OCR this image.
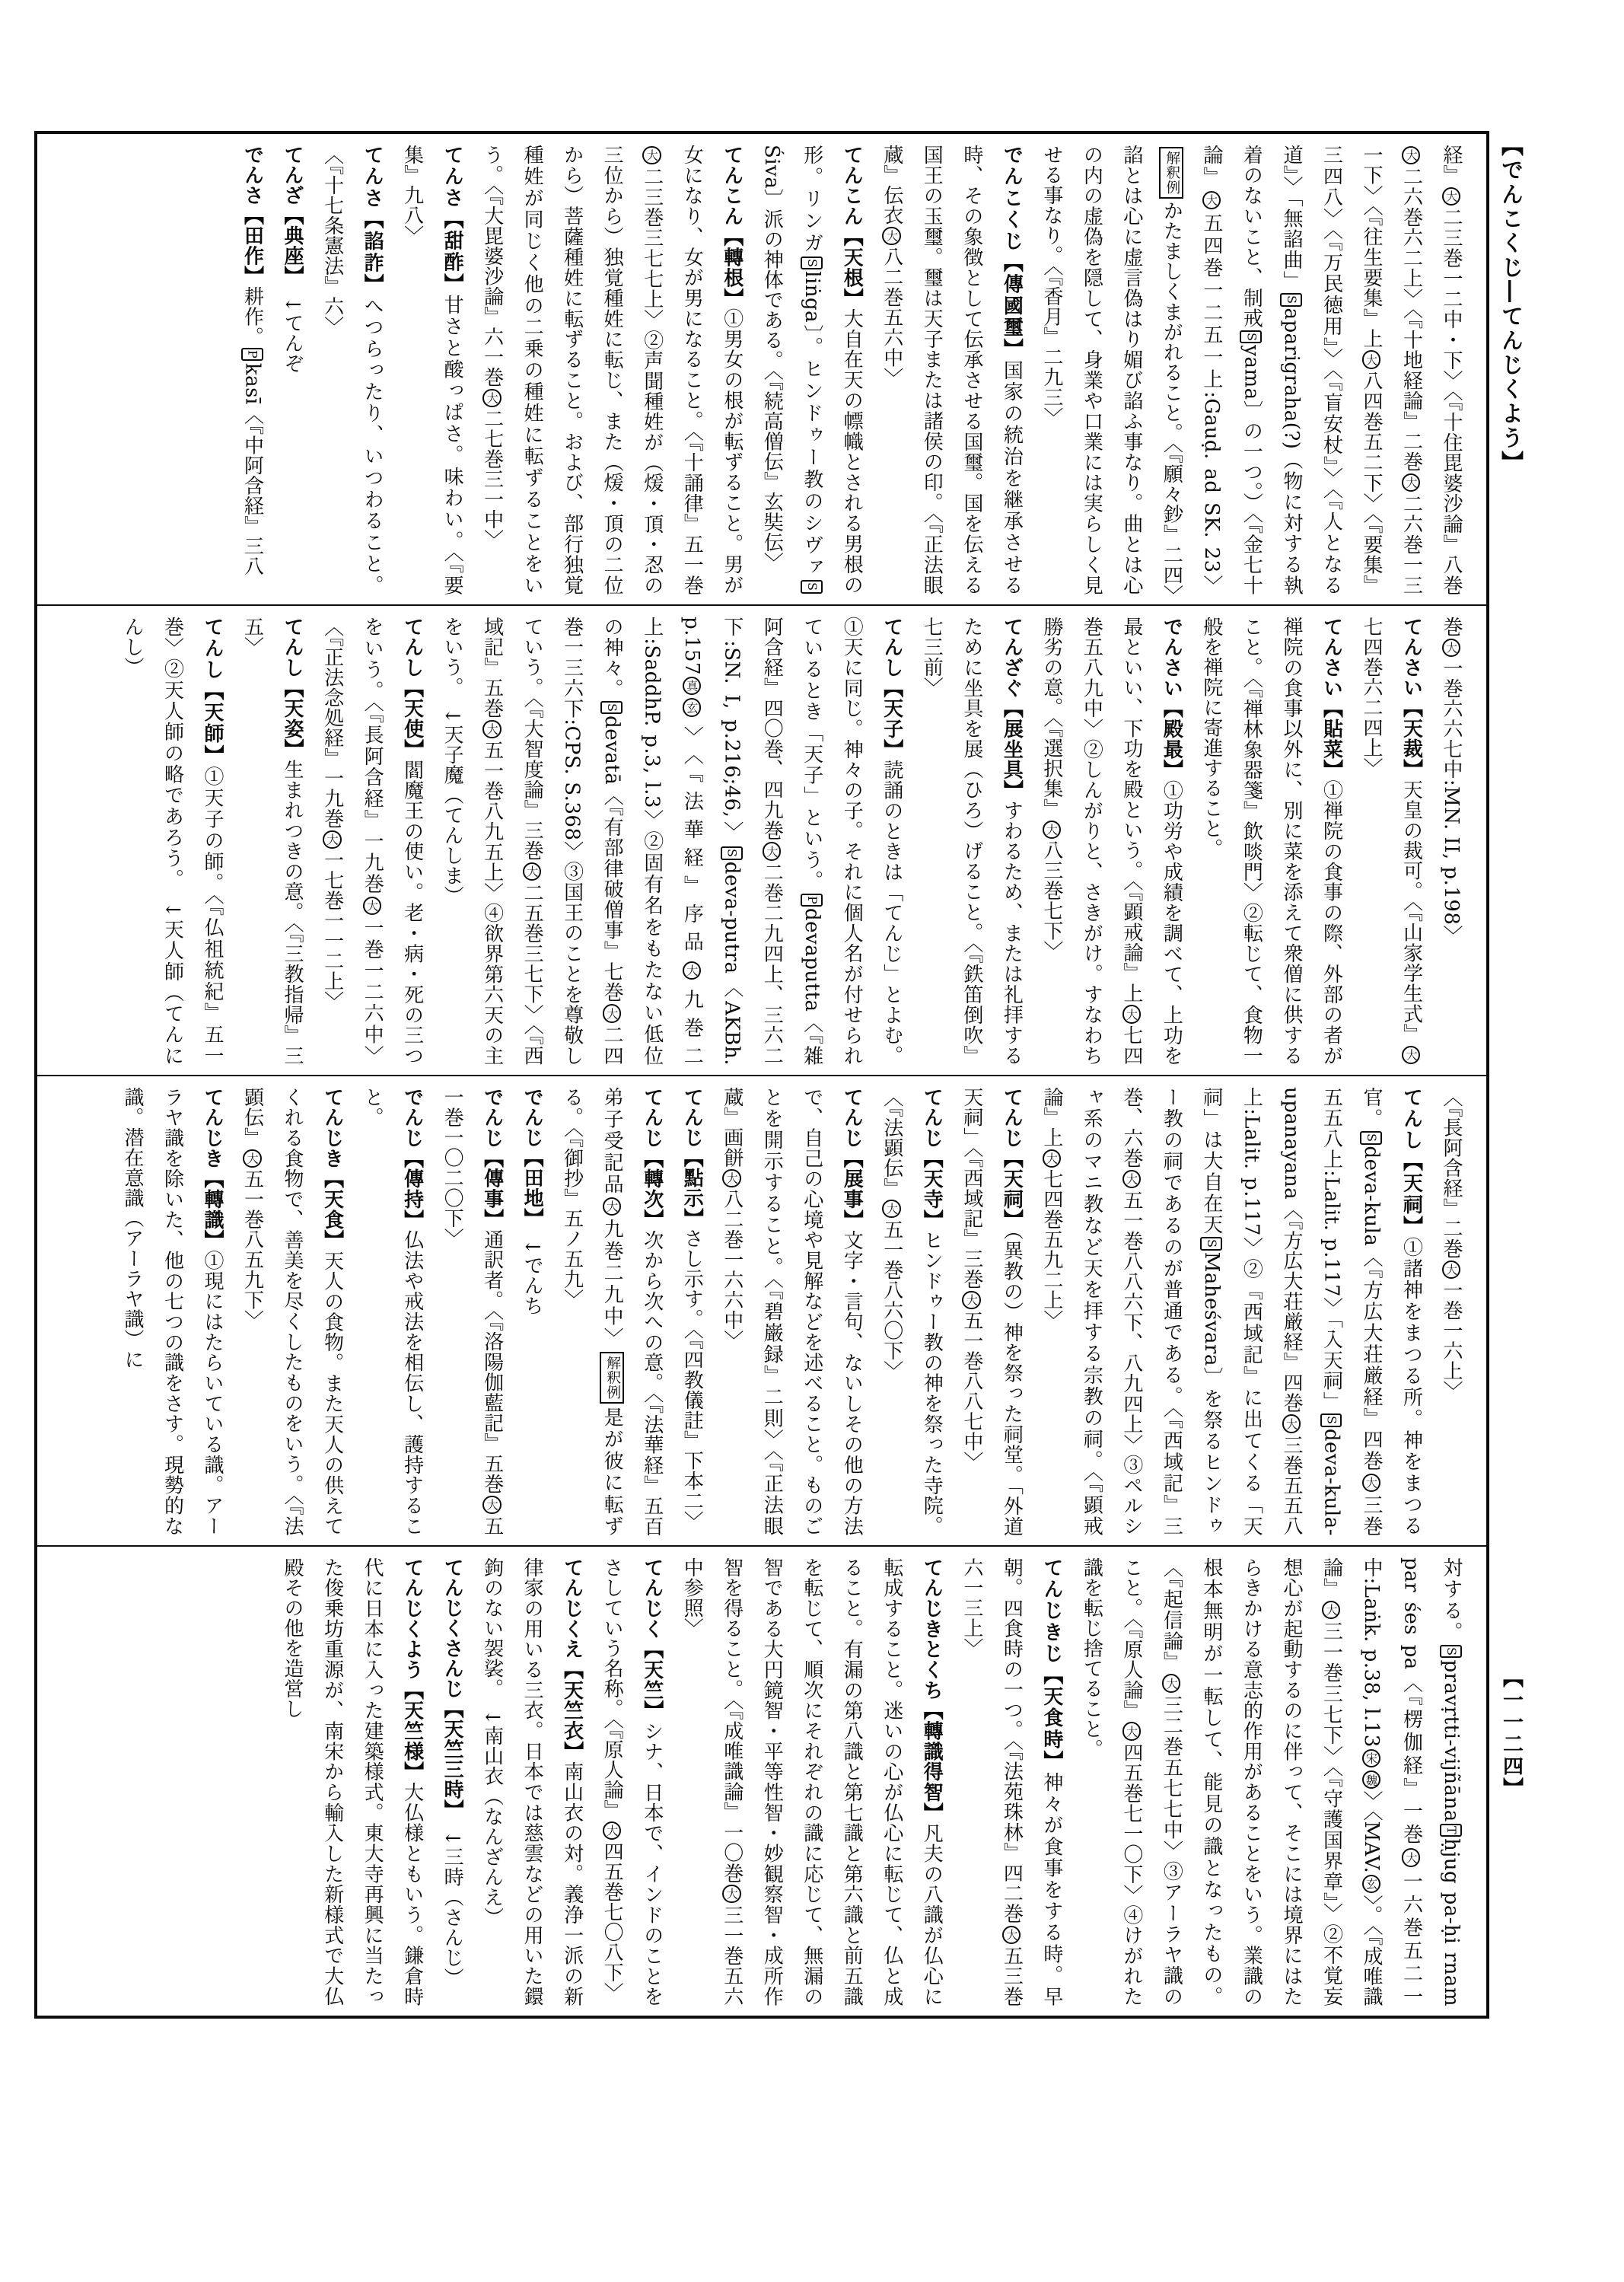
【でんこくじ―てんじくよう】
【一一二四】

経』大二三巻一二中・下〉〈『十住毘婆沙論』八巻大二六巻六二上〉〈『十地経論』二巻大二六巻一三一下〉〈『往生要集』上大八四巻五二下〉〈『要集』三四八〉〈『万民徳用』〉〈『盲安杖』〉〈『人となる道』〉「無諂曲」Saparigraha(?)（物に対する執着のないこと、制戒Syama〕の一つ。）〈『金七十論』大五四巻一二五一上:Gauḍ. ad SK. 23〉解釈例かたましくまがれること。〈『願々鈔』二四〉諂とは心に虚言偽はり媚び諂ふ事なり。曲とは心の内の虚偽を隠して、身業や口業には実らしく見せる事なり。〈『香月』二九三〉

でんこくじ【傳國璽】国家の統治を継承させる時、その象徴として伝承させる国璽。国を伝える国王の玉璽。璽は天子または諸侯の印。〈『正法眼蔵』伝衣大八二巻五六中〉

てんこん【天根】大自在天の幖幟とされる男根の形。リンガSliṅga〕。ヒンドゥー教のシヴァSŚiva〕派の神体である。〈『続高僧伝』玄奘伝〉

てんこん【轉根】①男女の根が転ずること。男が女になり、女が男になること。〈『十誦律』五一巻大二三巻三七七上〉②声聞種姓が（煖・頂・忍の三位から）独覚種姓に転じ、また（煖・頂の二位から）菩薩種姓に転ずること。および、部行独覚種姓が同じく他の二乗の種姓に転ずることをいう。〈『大毘婆沙論』六一巻大二七巻三一中〉

てんさ【甜酢】甘さと酸っぱさ。味わい。〈『要集』九八〉

てんさ【諂詐】へつらったり、いつわること。〈『十七条憲法』六〉

てんざ【典座】　↓てんぞ

でんさ【田作】耕作。Pkasī〈『中阿含経』三八

巻大一巻六六七中:MN. II, p.198〉

てんさい【天裁】天皇の裁可。〈『山家学生式』大七四巻六二四上〉

てんさい【貼菜】①禅院の食事の際、外部の者が禅院の食事以外に、別に菜を添えて衆僧に供すること。〈『禅林象器箋』飲啖門〉②転じて、食物一般を禅院に寄進すること。

でんさい【殿最】①功労や成績を調べて、上功を最といい、下功を殿という。〈『顕戒論』上大七四巻五八九中〉②しんがりと、さきがけ。すなわち勝劣の意。〈『選択集』大八三巻七下〉

てんざぐ【展坐具】すわるため、または礼拝するために坐具を展（ひろ）げること。〈『鉄笛倒吹』七三前〉

てんし【天子】読誦のときは「てんじ」とよむ。①天に同じ。神々の子。それに個人名が付せられているとき「天子」という。Pdevaputta〈『雑阿含経』四〇巻、四九巻大二巻二九四上、三六二下:SN. I, p.216;46,〉Sdeva-putra〈AKBh. p.157真玄〉〈『法華経』序品大九巻二上:SaddhP. p.3, l.3〉②固有名をもたない低位の神々。Sdevatā〈『有部律破僧事』七巻大二四巻一三六下:CPS. S.368〉③国王のことを尊敬していう。〈『大智度論』三巻大二五巻三七下〉〈『西域記』五巻大五一巻八九五上〉④欲界第六天の主をいう。　↓天子魔（てんしま）

てんし【天使】閻魔王の使い。老・病・死の三つをいう。〈『長阿含経』一九巻大一巻一二六中〉〈『正法念処経』一九巻大一七巻一一二上〉

てんし【天姿】生まれつきの意。〈『三教指帰』三五〉

てんし【天師】①天子の師。〈『仏祖統紀』五一巻〉②天人師の略であろう。　↓天人師（てんにんし）

〈『長阿含経』二巻大一巻一六上〉

てんし【天祠】①諸神をまつる所。神をまつる官。Sdeva-kula〈『方広大荘厳経』四巻大三巻五五八上:Lalit. p.117〉「入天祠」Sdeva-kula-upanayana〈『方広大荘厳経』四巻大三巻五五八上:Lalit. p.117〉②『西域記』に出てくる「天祠」は大自在天SMaheśvara〕を祭るヒンドゥー教の祠であるのが普通である。〈『西域記』三巻、六巻大五一巻八八六下、八九四上〉③ペルシャ系のマニ教など天を拝する宗教の祠。〈『顕戒論』上大七四巻五九二上〉

てんじ【天祠】（異教の）神を祭った祠堂。「外道天祠」〈『西域記』三巻大五一巻八八七中〉

てんじ【天寺】ヒンドゥー教の神を祭った寺院。〈『法顕伝』大五一巻八六〇下〉

てんじ【展事】文字・言句、ないしその他の方法で、自己の心境や見解などを述べること。ものごとを開示すること。〈『碧巌録』二則〉〈『正法眼蔵』画餅大八二巻一六六中〉

てんじ【點示】さし示す。〈『四教儀註』下本二〉

てんじ【轉次】次から次への意。〈『法華経』五百弟子受記品大九巻二九中〉解釈例是が彼に転ずる。〈『御抄』五ノ五九〉

でんじ【田地】　↓でんち

でんじ【傳事】通訳者。〈『洛陽伽藍記』五巻大五一巻一〇二〇下〉

でんじ【傳持】仏法や戒法を相伝し、護持すること。

てんじき【天食】天人の食物。また天人の供えてくれる食物で、善美を尽くしたものをいう。〈『法顕伝』大五一巻八五九下〉

てんじき【轉識】①現にはたらいている識。アーラヤ識を除いた、他の七つの識をさす。現勢的な識。潜在意識（アーラヤ識）に

対する。Spravṛtti-vijñānaTḥjug pa-ḥi rnam par śes pa〈『楞伽経』一巻大一六巻五二一中:Laṅk. p.38, l.13宋魏〉〈MAV.玄〉。〈『成唯識論』大三一巻三七下〉〈『守護国界章』〉②不覚妄想心が起動するのに伴って、そこには境界にはたらきかける意志的作用があることをいう。業識の根本無明が一転して、能見の識となったもの。〈『起信論』大三二巻五七七中〉③アーラヤ識のこと。〈『原人論』大四五巻七一〇下〉④けがれた識を転じ捨てること。

てんじきじ【天食時】神々が食事をする時。早朝。四食時の一つ。〈『法苑珠林』四二巻大五三巻六一三上〉

てんじきとくち【轉識得智】凡夫の八識が仏心に転成すること。迷いの心が仏心に転じて、仏と成ること。有漏の第八識と第七識と第六識と前五識を転じて、順次にそれぞれの識に応じて、無漏の智である大円鏡智・平等性智・妙観察智・成所作智を得ること。〈『成唯識論』一〇巻大三一巻五六中参照〉

てんじく【天竺】シナ、日本で、インドのことをさしていう名称。〈『原人論』大四五巻七〇八下〉

てんじくえ【天竺衣】南山衣の対。義浄一派の新律家の用いる三衣。日本では慈雲などの用いた鐶鉤のない袈裟。　↓南山衣（なんざんえ）

てんじくさんじ【天竺三時】　↓三時（さんじ）

てんじくよう【天竺様】大仏様ともいう。鎌倉時代に日本に入った建築様式。東大寺再興に当たった俊乗坊重源が、南宋から輸入した新様式で大仏殿その他を造営し
